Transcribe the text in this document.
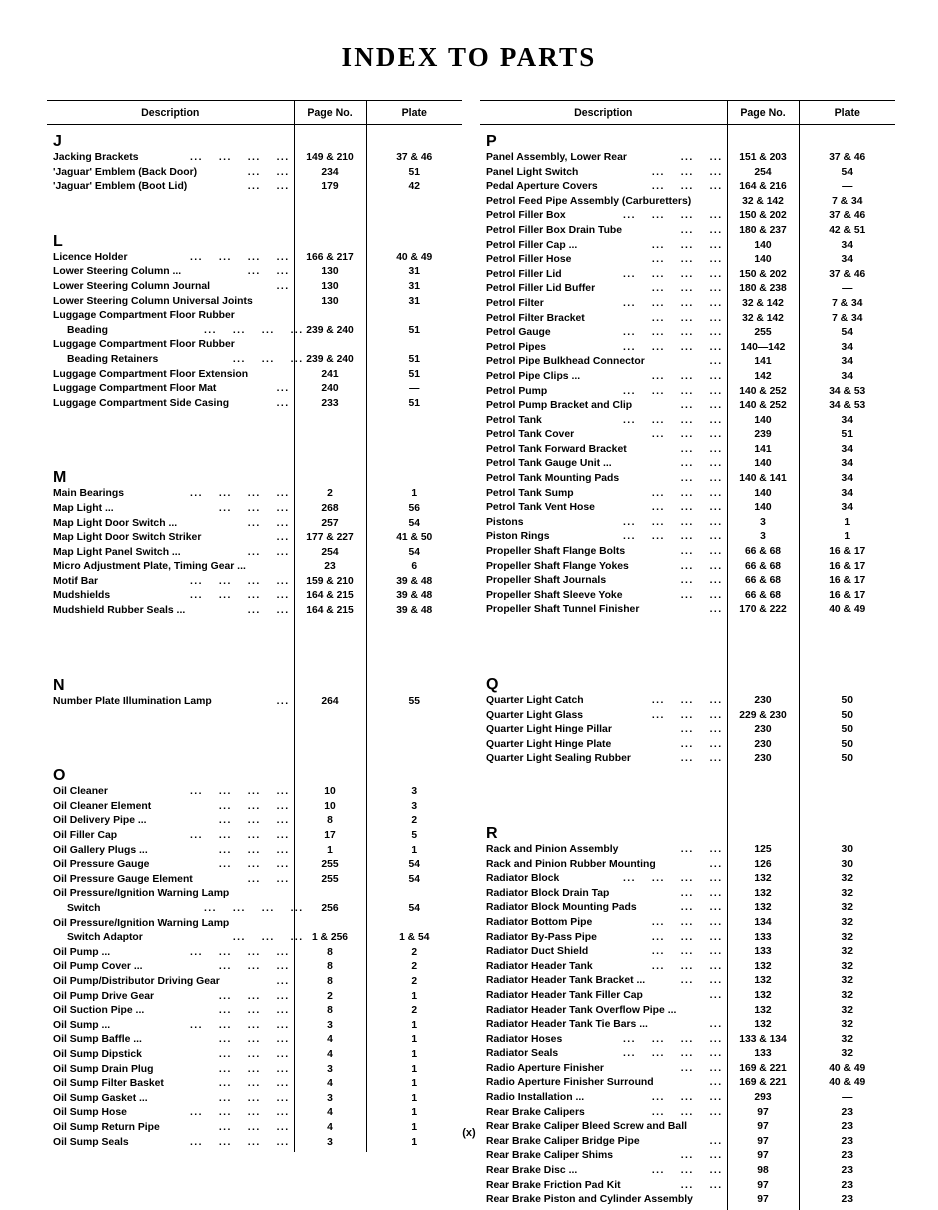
INDEX TO PARTS
Description	Page No.	Plate
J		

Jacking Brackets ... ... ... ...	149 & 210	37 & 46

'Jaguar' Emblem (Back Door) ... ...	234	51

'Jaguar' Emblem (Boot Lid) ... ...	179	42

L		

Licence Holder ... ... ... ...	166 & 217	40 & 49

Lower Steering Column ... ... ...	130	31

Lower Steering Column Journal ...	130	31

Lower Steering Column Universal Joints	130	31

Luggage Compartment Floor Rubber		

Beading ... ... ... ...	239 & 240	51

Luggage Compartment Floor Rubber		

Beading Retainers ... ... ...	239 & 240	51

Luggage Compartment Floor Extension	241	51

Luggage Compartment Floor Mat ...	240	—

Luggage Compartment Side Casing ...	233	51

M		

Main Bearings ... ... ... ...	2	1

Map Light ... ... ... ...	268	56

Map Light Door Switch ... ... ...	257	54

Map Light Door Switch Striker ...	177 & 227	41 & 50

Map Light Panel Switch ... ... ...	254	54

Micro Adjustment Plate, Timing Gear ...	23	6

Motif Bar ... ... ... ...	159 & 210	39 & 48

Mudshields ... ... ... ...	164 & 215	39 & 48

Mudshield Rubber Seals ... ... ...	164 & 215	39 & 48

N		

Number Plate Illumination Lamp ...	264	55

O		

Oil Cleaner ... ... ... ...	10	3

Oil Cleaner Element ... ... ...	10	3

Oil Delivery Pipe ... ... ... ...	8	2

Oil Filler Cap ... ... ... ...	17	5

Oil Gallery Plugs ... ... ... ...	1	1

Oil Pressure Gauge ... ... ...	255	54

Oil Pressure Gauge Element ... ...	255	54

Oil Pressure/Ignition Warning Lamp		

Switch ... ... ... ...	256	54

Oil Pressure/Ignition Warning Lamp		

Switch Adaptor ... ... ...	1 & 256	1 & 54

Oil Pump ... ... ... ... ...	8	2

Oil Pump Cover ... ... ... ...	8	2

Oil Pump/Distributor Driving Gear ...	8	2

Oil Pump Drive Gear ... ... ...	2	1

Oil Suction Pipe ... ... ... ...	8	2

Oil Sump ... ... ... ... ...	3	1

Oil Sump Baffle ... ... ... ...	4	1

Oil Sump Dipstick ... ... ...	4	1

Oil Sump Drain Plug ... ... ...	3	1

Oil Sump Filter Basket ... ... ...	4	1

Oil Sump Gasket ... ... ... ...	3	1

Oil Sump Hose ... ... ... ...	4	1

Oil Sump Return Pipe ... ... ...	4	1

Oil Sump Seals ... ... ... ...	3	1

Description	Page No.	Plate
P		

Panel Assembly, Lower Rear ... ...	151 & 203	37 & 46

Panel Light Switch ... ... ...	254	54

Pedal Aperture Covers ... ... ...	164 & 216	—

Petrol Feed Pipe Assembly (Carburetters)	32 & 142	7 & 34

Petrol Filler Box ... ... ... ...	150 & 202	37 & 46

Petrol Filler Box Drain Tube ... ...	180 & 237	42 & 51

Petrol Filler Cap ... ... ... ...	140	34

Petrol Filler Hose ... ... ...	140	34

Petrol Filler Lid ... ... ... ...	150 & 202	37 & 46

Petrol Filler Lid Buffer ... ... ...	180 & 238	—

Petrol Filter ... ... ... ...	32 & 142	7 & 34

Petrol Filter Bracket ... ... ...	32 & 142	7 & 34

Petrol Gauge ... ... ... ...	255	54

Petrol Pipes ... ... ... ...	140—142	34

Petrol Pipe Bulkhead Connector ...	141	34

Petrol Pipe Clips ... ... ... ...	142	34

Petrol Pump ... ... ... ...	140 & 252	34 & 53

Petrol Pump Bracket and Clip ... ...	140 & 252	34 & 53

Petrol Tank ... ... ... ...	140	34

Petrol Tank Cover ... ... ...	239	51

Petrol Tank Forward Bracket ... ...	141	34

Petrol Tank Gauge Unit ... ... ...	140	34

Petrol Tank Mounting Pads ... ...	140 & 141	34

Petrol Tank Sump ... ... ...	140	34

Petrol Tank Vent Hose ... ... ...	140	34

Pistons ... ... ... ...	3	1

Piston Rings ... ... ... ...	3	1

Propeller Shaft Flange Bolts ... ...	66 & 68	16 & 17

Propeller Shaft Flange Yokes ... ...	66 & 68	16 & 17

Propeller Shaft Journals ... ...	66 & 68	16 & 17

Propeller Shaft Sleeve Yoke ... ...	66 & 68	16 & 17

Propeller Shaft Tunnel Finisher ...	170 & 222	40 & 49

Q		

Quarter Light Catch ... ... ...	230	50

Quarter Light Glass ... ... ...	229 & 230	50

Quarter Light Hinge Pillar ... ...	230	50

Quarter Light Hinge Plate ... ...	230	50

Quarter Light Sealing Rubber ... ...	230	50

R		

Rack and Pinion Assembly ... ...	125	30

Rack and Pinion Rubber Mounting ...	126	30

Radiator Block ... ... ... ...	132	32

Radiator Block Drain Tap ... ...	132	32

Radiator Block Mounting Pads ... ...	132	32

Radiator Bottom Pipe ... ... ...	134	32

Radiator By-Pass Pipe ... ... ...	133	32

Radiator Duct Shield ... ... ...	133	32

Radiator Header Tank ... ... ...	132	32

Radiator Header Tank Bracket ... ... ...	132	32

Radiator Header Tank Filler Cap ...	132	32

Radiator Header Tank Overflow Pipe ...	132	32

Radiator Header Tank Tie Bars ... ...	132	32

Radiator Hoses ... ... ... ...	133 & 134	32

Radiator Seals ... ... ... ...	133	32

Radio Aperture Finisher ... ...	169 & 221	40 & 49

Radio Aperture Finisher Surround ...	169 & 221	40 & 49

Radio Installation ... ... ... ...	293	—

Rear Brake Calipers ... ... ...	97	23

Rear Brake Caliper Bleed Screw and Ball	97	23

Rear Brake Caliper Bridge Pipe ...	97	23

Rear Brake Caliper Shims ... ...	97	23

Rear Brake Disc ... ... ... ...	98	23

Rear Brake Friction Pad Kit ... ...	97	23

Rear Brake Piston and Cylinder Assembly	97	23

(x)
